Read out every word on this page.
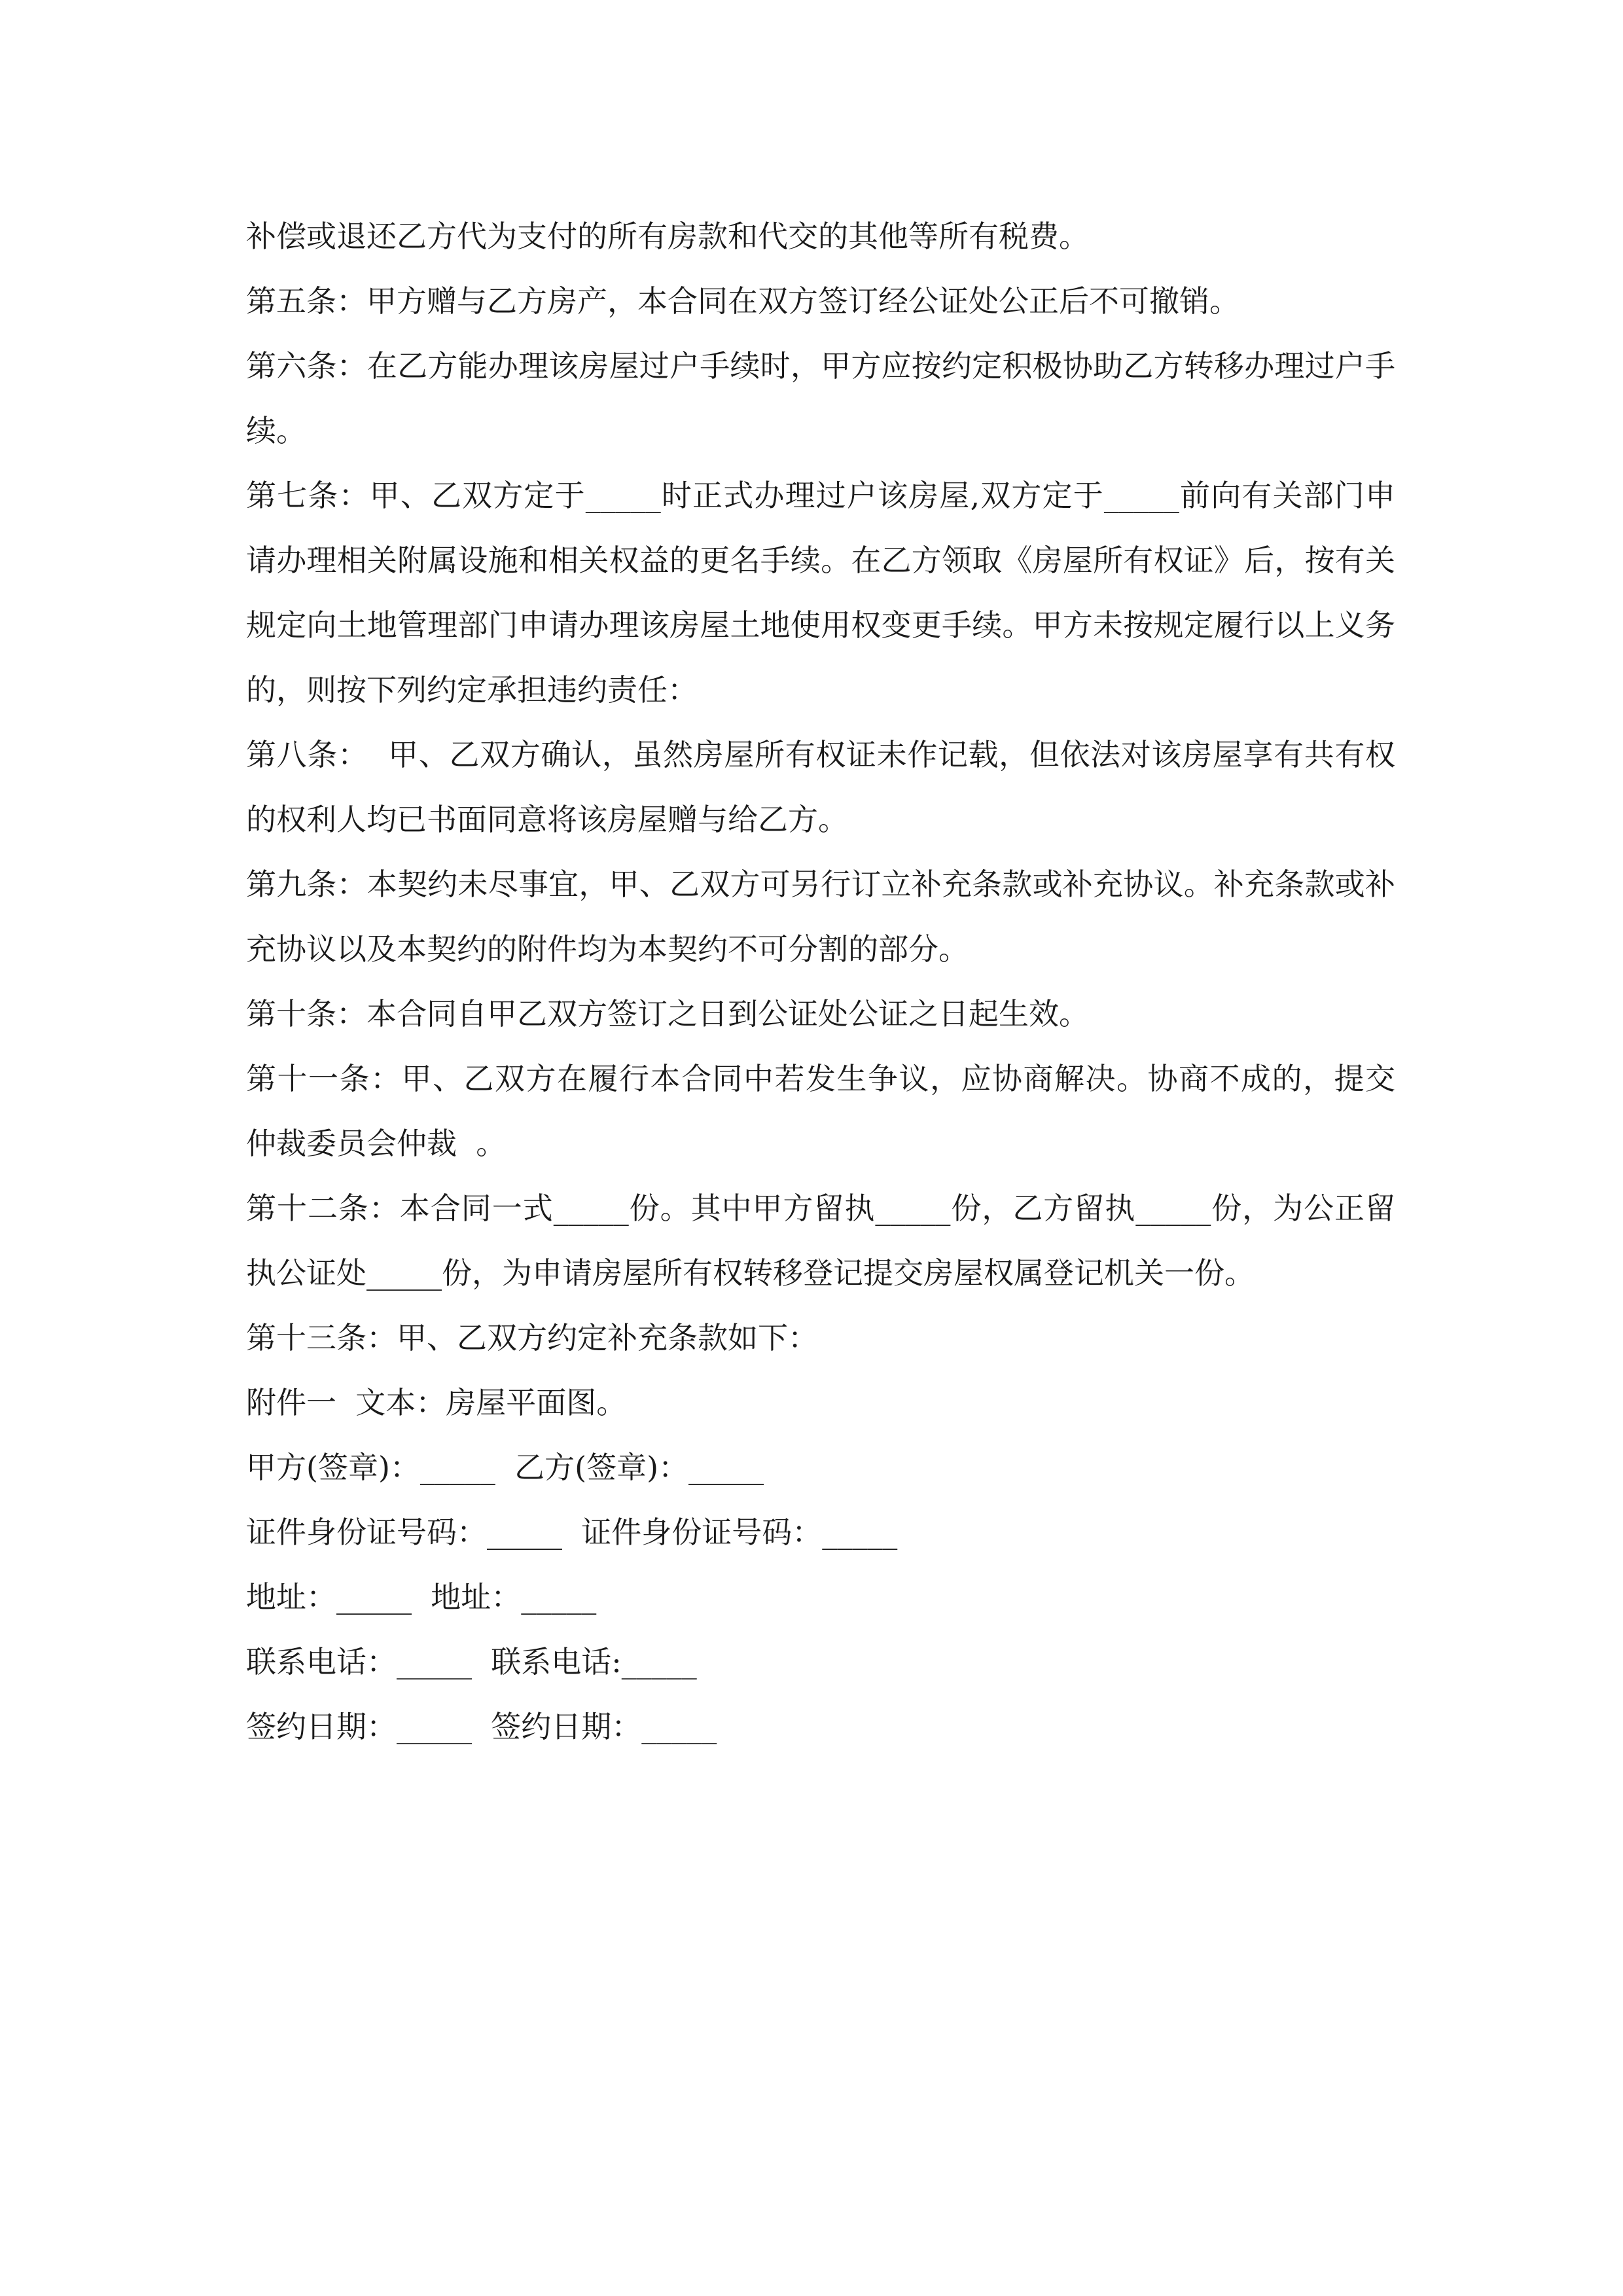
补偿或退还乙方代为支付的所有房款和代交的其他等所有税费。

第五条：甲方赠与乙方房产，本合同在双方签订经公证处公正后不可撤销。

第六条：在乙方能办理该房屋过户手续时，甲方应按约定积极协助乙方转移办理过户手续。

第七条：甲、乙双方定于_____时正式办理过户该房屋,双方定于_____前向有关部门申请办理相关附属设施和相关权益的更名手续。在乙方领取《房屋所有权证》后，按有关规定向土地管理部门申请办理该房屋土地使用权变更手续。甲方未按规定履行以上义务的，则按下列约定承担违约责任：

第八条：  甲、乙双方确认，虽然房屋所有权证未作记载，但依法对该房屋享有共有权的权利人均已书面同意将该房屋赠与给乙方。

第九条：本契约未尽事宜，甲、乙双方可另行订立补充条款或补充协议。补充条款或补充协议以及本契约的附件均为本契约不可分割的部分。

第十条：本合同自甲乙双方签订之日到公证处公证之日起生效。

第十一条：甲、乙双方在履行本合同中若发生争议，应协商解决。协商不成的，提交  仲裁委员会仲裁  。

第十二条：本合同一式_____份。其中甲方留执_____份，乙方留执_____份，为公正留执公证处_____份，为申请房屋所有权转移登记提交房屋权属登记机关一份。

第十三条：甲、乙双方约定补充条款如下：

附件一  文本：房屋平面图。

甲方(签章)：_____  乙方(签章)：_____

证件身份证号码：_____  证件身份证号码：_____

地址：_____  地址：_____

联系电话：_____  联系电话:_____

签约日期：_____  签约日期：_____
